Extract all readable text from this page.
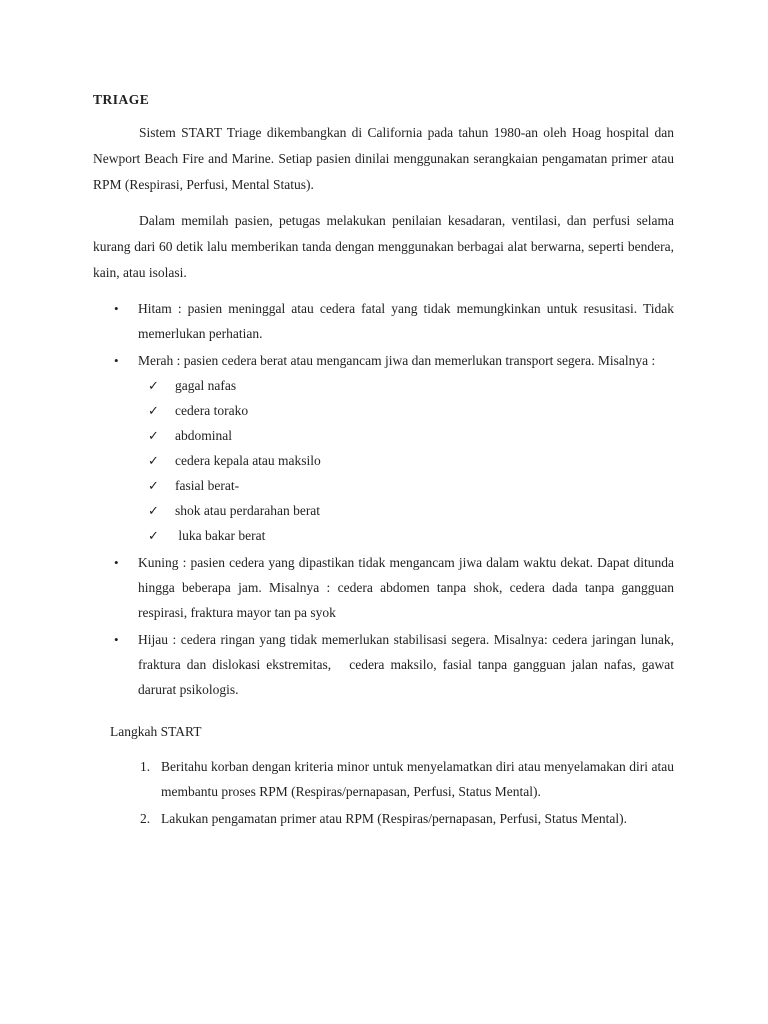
TRIAGE

Sistem START Triage dikembangkan di California pada tahun 1980-an oleh Hoag hospital dan Newport Beach Fire and Marine. Setiap pasien dinilai menggunakan serangkaian pengamatan primer atau RPM (Respirasi, Perfusi, Mental Status).

Dalam memilah pasien, petugas melakukan penilaian kesadaran, ventilasi, dan perfusi selama kurang dari 60 detik lalu memberikan tanda dengan menggunakan berbagai alat berwarna, seperti bendera, kain, atau isolasi.

• Hitam : pasien meninggal atau cedera fatal yang tidak memungkinkan untuk resusitasi. Tidak memerlukan perhatian.
• Merah : pasien cedera berat atau mengancam jiwa dan memerlukan transport segera. Misalnya :
✓ gagal nafas
✓ cedera torako
✓ abdominal
✓ cedera kepala atau maksilo
✓ fasial berat-
✓ shok atau perdarahan berat
✓ luka bakar berat
• Kuning : pasien cedera yang dipastikan tidak mengancam jiwa dalam waktu dekat. Dapat ditunda hingga beberapa jam. Misalnya : cedera abdomen tanpa shok, cedera dada tanpa gangguan respirasi, fraktura mayor tan pa syok
• Hijau : cedera ringan yang tidak memerlukan stabilisasi segera. Misalnya: cedera jaringan lunak,   fraktura dan dislokasi ekstremitas,   cedera maksilo, fasial tanpa gangguan jalan nafas, gawat darurat psikologis.
Langkah START
1. Beritahu korban dengan kriteria minor untuk menyelamatkan diri atau menyelamakan diri atau membantu proses RPM (Respiras/pernapasan, Perfusi, Status Mental).
2. Lakukan pengamatan primer atau RPM (Respiras/pernapasan, Perfusi, Status Mental).
